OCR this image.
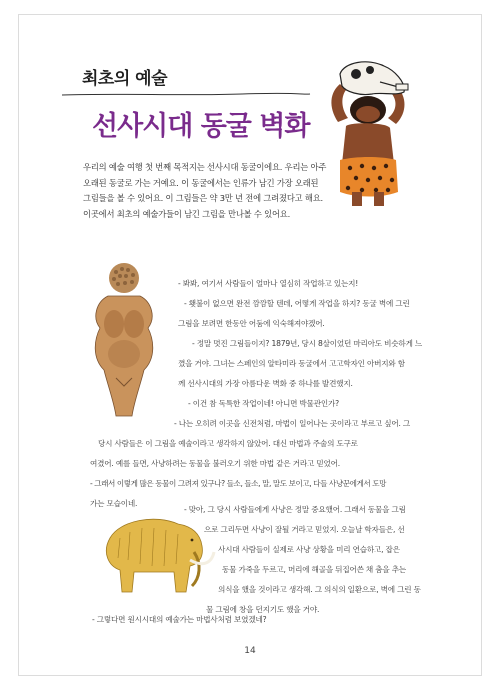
최초의 예술
선사시대 동굴 벽화

우리의 예술 여행 첫 번째 목적지는 선사시대 동굴이에요. 우리는 아주

오래된 동굴로 가는 거예요. 이 동굴에서는 인류가 남긴 가장 오래된

그림들을 볼 수 있어요. 이 그림들은 약 3만 년 전에 그려졌다고 해요.

이곳에서 최초의 예술가들이 남긴 그림을 만나볼 수 있어요.

- 봐봐, 여기서 사람들이 얼마나 열심히 작업하고 있는지!
- 횃불이 없으면 완전 깜깜할 텐데, 어떻게 작업을 하지? 동굴 벽에 그린
그림을 보려면 한동안 어둠에 익숙해져야겠어.
- 정말 멋진 그림들이지? 1879년, 당시 8살이었던 마리아도 비슷하게 느
꼈을 거야. 그녀는 스페인의 알타미라 동굴에서 고고학자인 아버지와 함
께 선사시대의 가장 아름다운 벽화 중 하나를 발견했지.
- 이건 참 독특한 작업이네! 아니면 박물관인가?
- 나는 오히려 이곳을 신전처럼, 마법이 일어나는 곳이라고 부르고 싶어. 그
당시 사람들은 이 그림을 예술이라고 생각하지 않았어. 대신 마법과 주술의 도구로
여겼어. 예를 들면, 사냥하려는 동물을 불러오기 위한 마법 같은 거라고 믿었어.
- 그래서 이렇게 많은 동물이 그려져 있구나? 들소, 들소, 말, 말도 보이고, 다들 사냥꾼에게서 도망
가는 모습이네.
- 맞아, 그 당시 사람들에게 사냥은 정말 중요했어. 그래서 동물을 그림
으로 그리두면 사냥이 잘될 거라고 믿었지. 오늘날 학자들은, 선
사시대 사람들이 실제로 사냥 상황을 미리 연습하고, 잡은
동물 가죽을 두르고, 머리에 해골을 뒤집어쓴 채 춤을 추는
의식을 했을 것이라고 생각해. 그 의식의 일환으로, 벽에 그린 동
물 그림에 창을 던지기도 했을 거야.
- 그렇다면 원시시대의 예술가는 마법사처럼 보였겠네?
14
